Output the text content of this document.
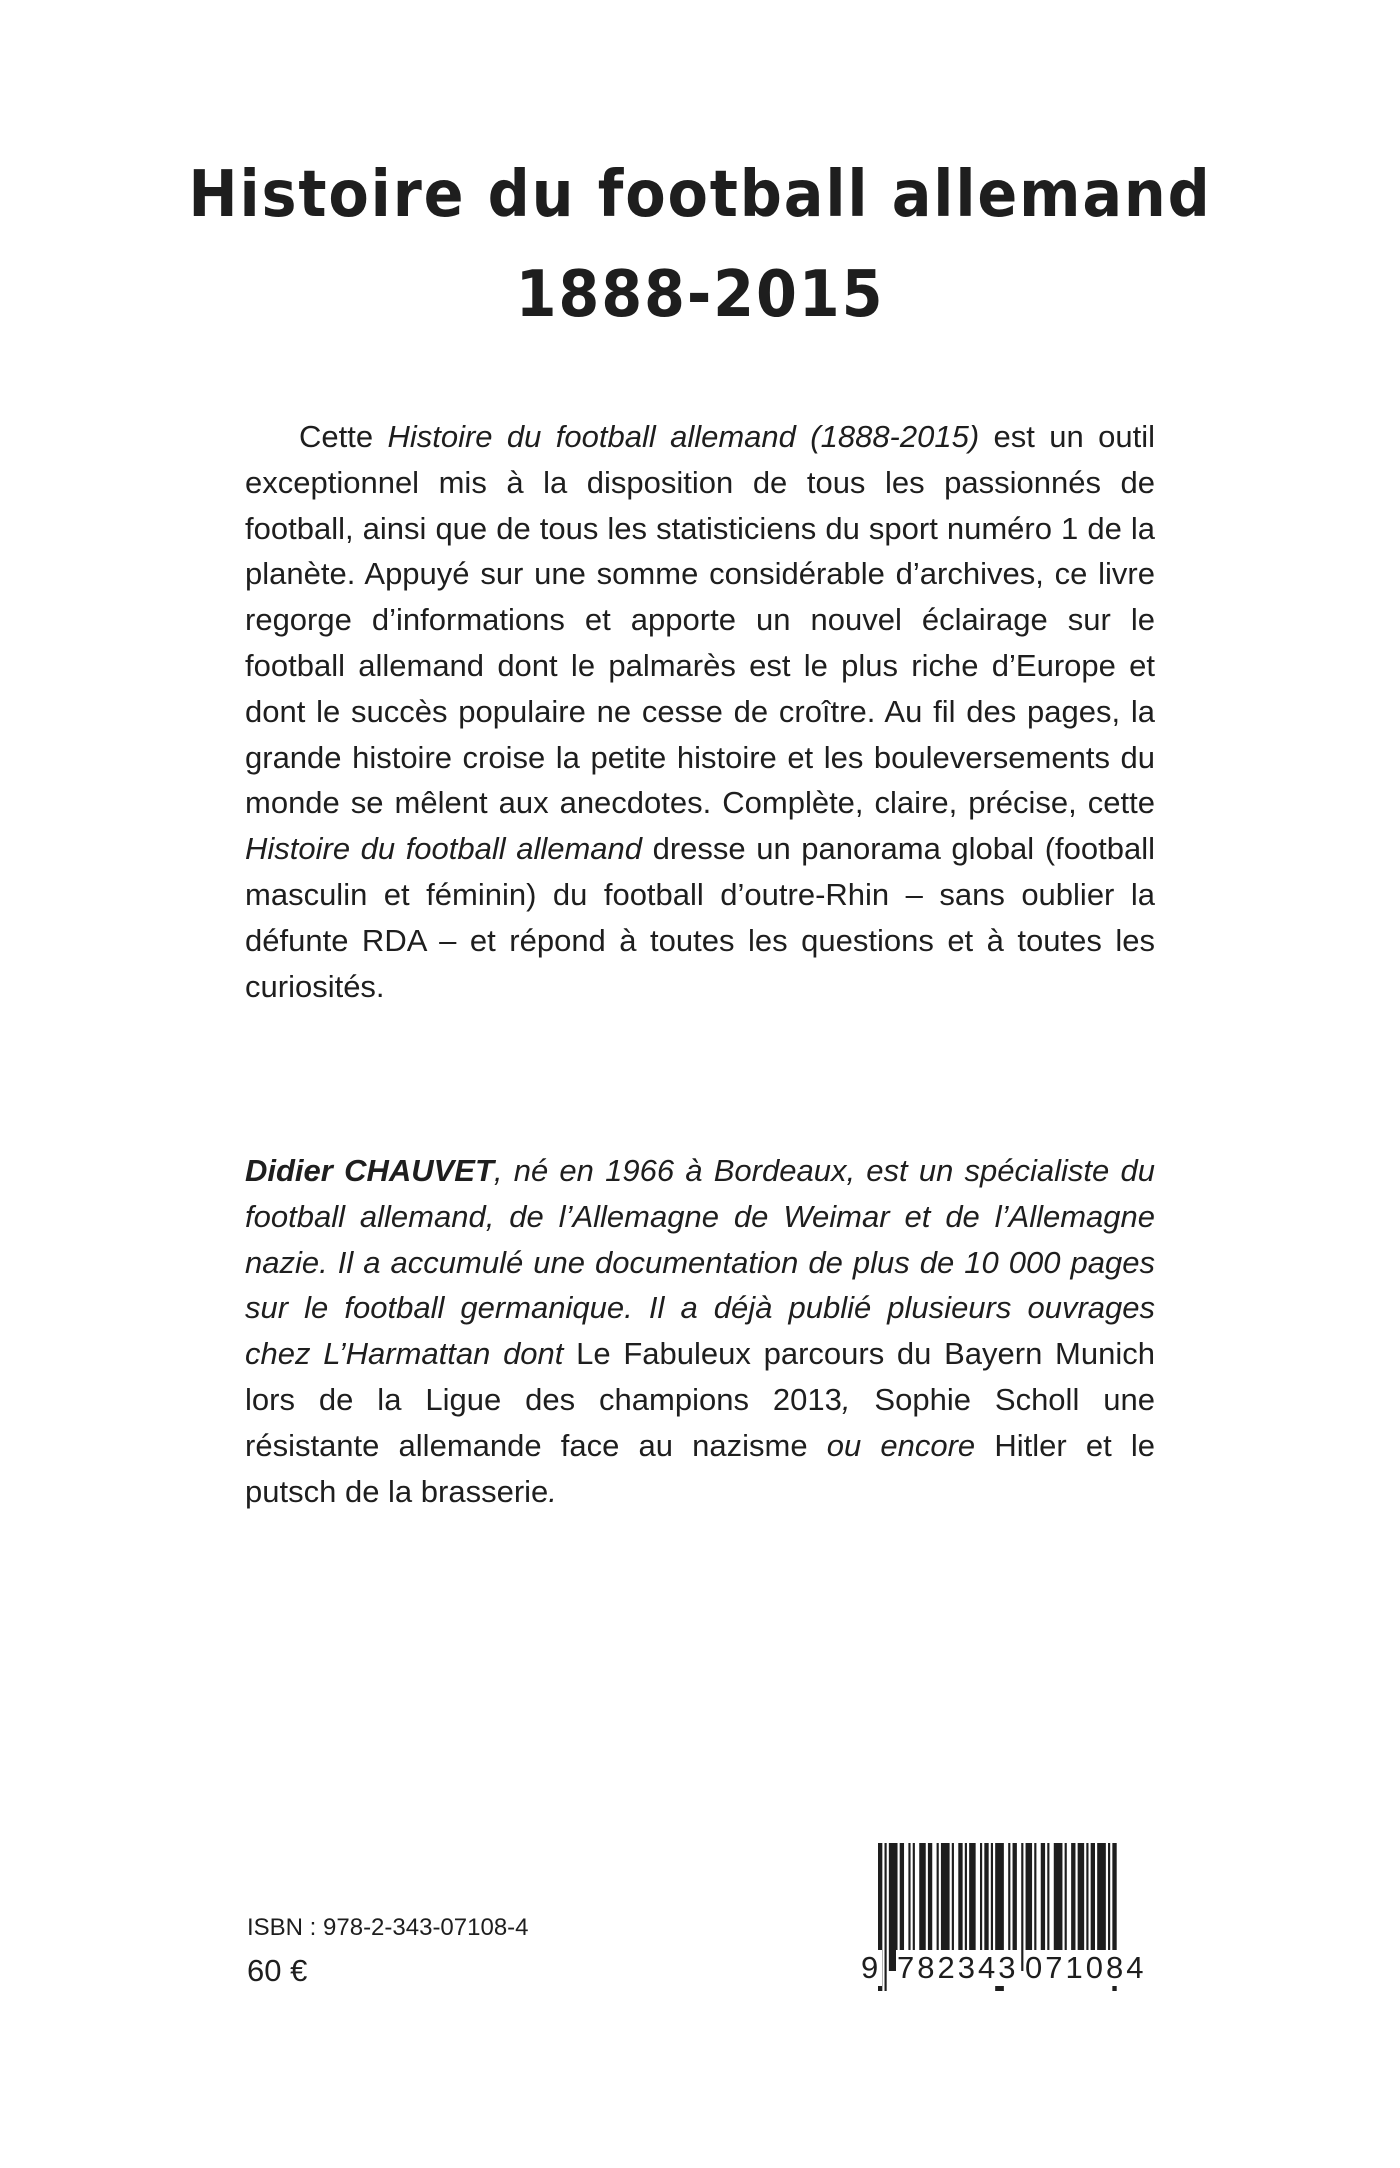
Histoire du football allemand
1888-2015

Cette Histoire du football allemand (1888-2015) est un outil exceptionnel mis à la disposition de tous les passionnés de football, ainsi que de tous les statisticiens du sport numéro 1 de la planète. Appuyé sur une somme considérable d’archives, ce livre regorge d’informations et apporte un nouvel éclairage sur le football allemand dont le palmarès est le plus riche d’Europe et dont le succès populaire ne cesse de croître. Au fil des pages, la grande histoire croise la petite histoire et les bouleversements du monde se mêlent aux anecdotes. Complète, claire, précise, cette Histoire du football allemand dresse un panorama global (football masculin et féminin) du football d’outre-Rhin – sans oublier la défunte RDA – et répond à toutes les questions et à toutes les curiosités.

Didier CHAUVET, né en 1966 à Bordeaux, est un spécialiste du football allemand, de l’Allemagne de Weimar et de l’Allemagne nazie. Il a accumulé une documentation de plus de 10 000 pages sur le football germanique. Il a déjà publié plusieurs ouvrages chez L’Harmattan dont Le Fabuleux parcours du Bayern Munich lors de la Ligue des champions 2013, Sophie Scholl une résistante allemande face au nazisme ou encore Hitler et le putsch de la brasserie.

ISBN : 978-2-343-07108-4
60 €	9 782343 071084
